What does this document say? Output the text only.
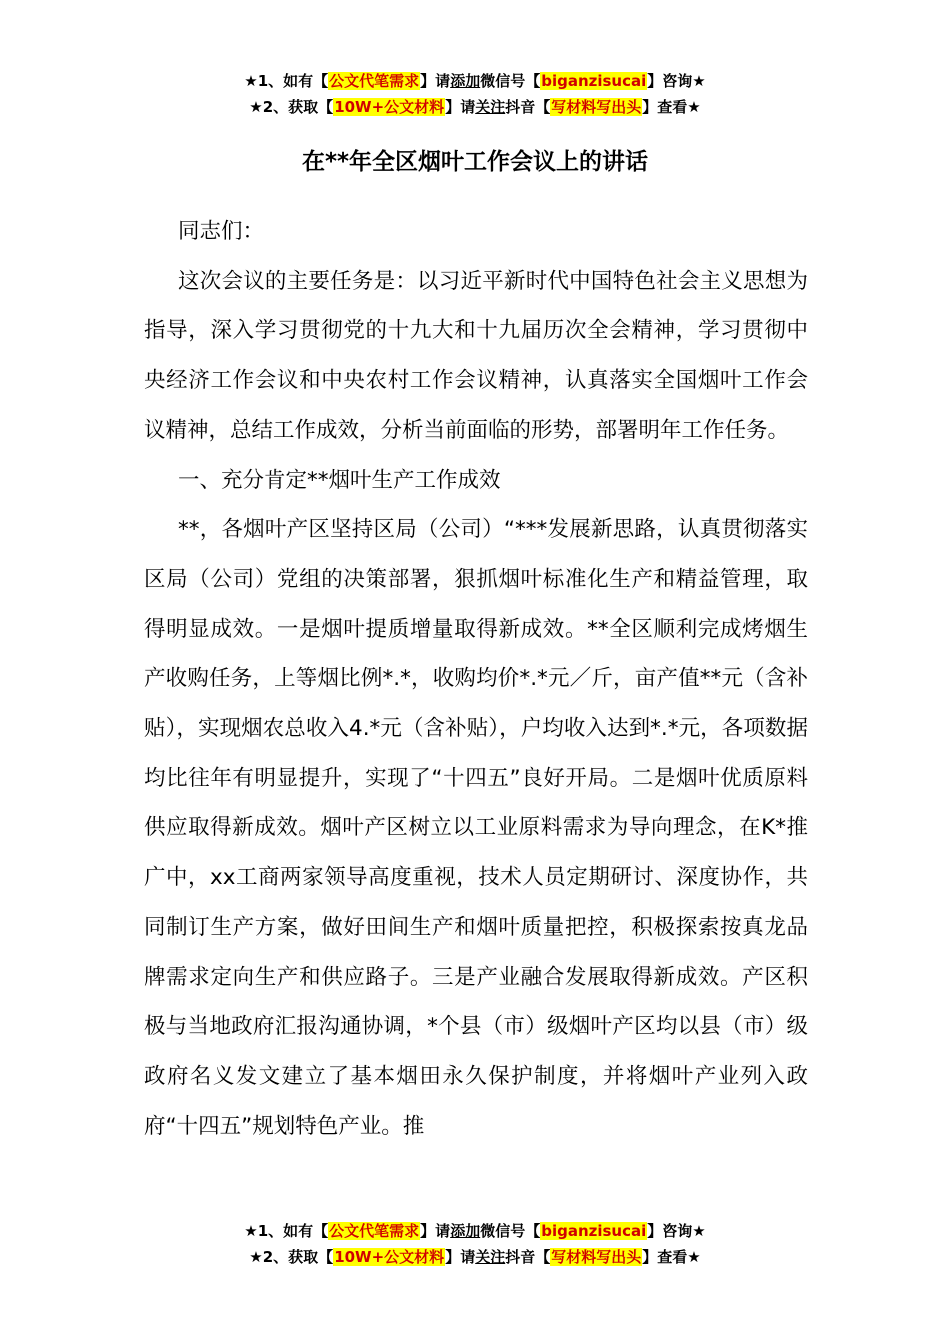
★1、如有【公文代笔需求】请添加微信号【biganzisucai】咨询★
★2、获取【10W+公文材料】请关注抖音【写材料写出头】查看★
在**年全区烟叶工作会议上的讲话

同志们：

这次会议的主要任务是：以习近平新时代中国特色社会主义思想为指导，深入学习贯彻党的十九大和十九届历次全会精神，学习贯彻中央经济工作会议和中央农村工作会议精神，认真落实全国烟叶工作会议精神，总结工作成效，分析当前面临的形势，部署明年工作任务。

一、充分肯定**烟叶生产工作成效

**，各烟叶产区坚持区局（公司）“***发展新思路，认真贯彻落实区局（公司）党组的决策部署，狠抓烟叶标准化生产和精益管理，取得明显成效。一是烟叶提质增量取得新成效。**全区顺利完成烤烟生产收购任务，上等烟比例*.*，收购均价*.*元／斤，亩产值**元（含补贴），实现烟农总收入4.*元（含补贴），户均收入达到*.*元，各项数据均比往年有明显提升，实现了“十四五”良好开局。二是烟叶优质原料供应取得新成效。烟叶产区树立以工业原料需求为导向理念，在K*推广中，xx工商两家领导高度重视，技术人员定期研讨、深度协作，共同制订生产方案，做好田间生产和烟叶质量把控，积极探索按真龙品牌需求定向生产和供应路子。三是产业融合发展取得新成效。产区积极与当地政府汇报沟通协调，*个县（市）级烟叶产区均以县（市）级政府名义发文建立了基本烟田永久保护制度，并将烟叶产业列入政府“十四五”规划特色产业。推

★1、如有【公文代笔需求】请添加微信号【biganzisucai】咨询★
★2、获取【10W+公文材料】请关注抖音【写材料写出头】查看★
